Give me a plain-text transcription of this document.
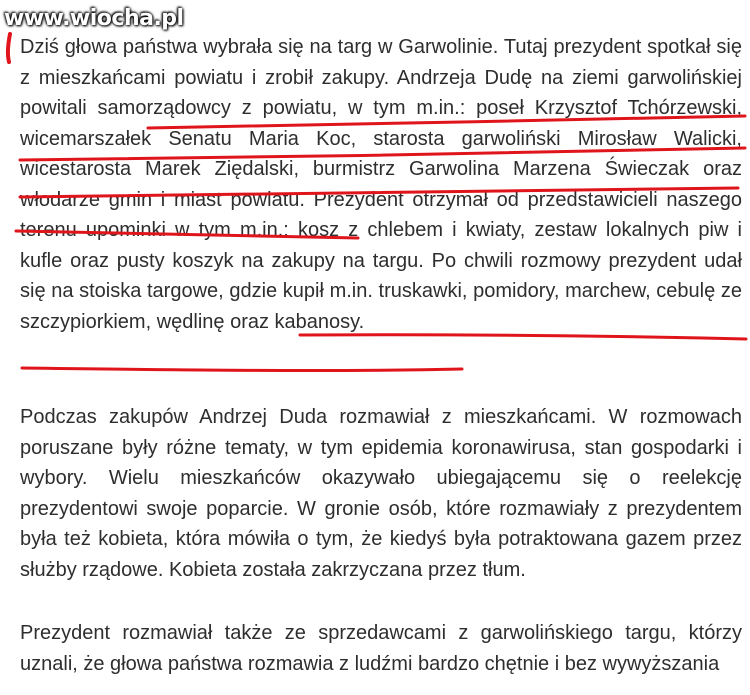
www.wiocha.pl

Dziś głowa państwa wybrała się na targ w Garwolinie. Tutaj prezydent spotkał się z mieszkańcami powiatu i zrobił zakupy. Andrzeja Dudę na ziemi garwolińskiej powitali samorządowcy z powiatu, w tym m.in.: poseł Krzysztof Tchórzewski, wicemarszałek Senatu Maria Koc, starosta garwoliński Mirosław Walicki, wicestarosta Marek Ziędalski, burmistrz Garwolina Marzena Świeczak oraz włodarze gmin i miast powiatu. Prezydent otrzymał od przedstawicieli naszego terenu upominki w tym m.in.: kosz z chlebem i kwiaty, zestaw lokalnych piw i kufle oraz pusty koszyk na zakupy na targu. Po chwili rozmowy prezydent udał się na stoiska targowe, gdzie kupił m.in. truskawki, pomidory, marchew, cebulę ze szczypiorkiem, wędlinę oraz kabanosy.

Podczas zakupów Andrzej Duda rozmawiał z mieszkańcami. W rozmowach poruszane były różne tematy, w tym epidemia koronawirusa, stan gospodarki i wybory. Wielu mieszkańców okazywało ubiegającemu się o reelekcję prezydentowi swoje poparcie. W gronie osób, które rozmawiały z prezydentem była też kobieta, która mówiła o tym, że kiedyś była potraktowana gazem przez służby rządowe. Kobieta została zakrzyczana przez tłum.

Prezydent rozmawiał także ze sprzedawcami z garwolińskiego targu, którzy uznali, że głowa państwa rozmawia z ludźmi bardzo chętnie i bez wywyższania
